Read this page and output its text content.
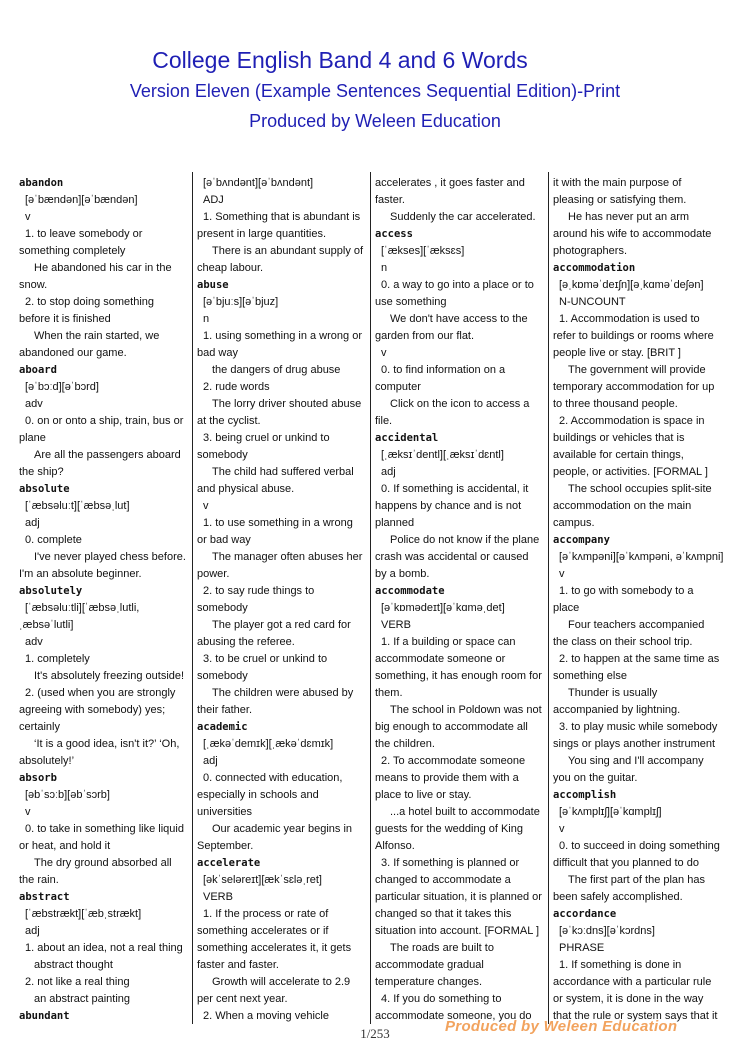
College English Band 4 and 6 Words
Version Eleven (Example Sentences Sequential Edition)-Print
Produced by Weleen Education
abandon
[əˈbændən][əˈbændən]
v
1. to leave somebody or
something completely
He abandoned his car in the
snow.
2. to stop doing something
before it is finished
When the rain started, we
abandoned our game.
aboard
[əˈbɔːd][əˈbɔrd]
adv
0. on or onto a ship, train, bus or
plane
Are all the passengers aboard
the ship?
absolute
[ˈæbsəluːt][ˈæbsəˌlut]
adj
0. complete
I've never played chess before.
I'm an absolute beginner.
absolutely
[ˈæbsəluːtli][ˈæbsəˌlutli,
ˌæbsəˈlutli]
adv
1. completely
It's absolutely freezing outside!
2. (used when you are strongly
agreeing with somebody) yes;
certainly
‘It is a good idea, isn't it?’ ‘Oh,
absolutely!’
absorb
[əbˈsɔːb][əbˈsɔrb]
v
0. to take in something like liquid
or heat, and hold it
The dry ground absorbed all
the rain.
abstract
[ˈæbstrækt][ˈæbˌstrækt]
adj
1. about an idea, not a real thing
abstract thought
2. not like a real thing
an abstract painting
abundant
[əˈbʌndənt][əˈbʌndənt]
ADJ
1. Something that is abundant is
present in large quantities.
There is an abundant supply of
cheap labour.
abuse
[əˈbjuːs][əˈbjuz]
n
1. using something in a wrong or
bad way
the dangers of drug abuse
2. rude words
The lorry driver shouted abuse
at the cyclist.
3. being cruel or unkind to
somebody
The child had suffered verbal
and physical abuse.
v
1. to use something in a wrong
or bad way
The manager often abuses her
power.
2. to say rude things to
somebody
The player got a red card for
abusing the referee.
3. to be cruel or unkind to
somebody
The children were abused by
their father.
academic
[ˌækəˈdemɪk][ˌækəˈdɛmɪk]
adj
0. connected with education,
especially in schools and
universities
Our academic year begins in
September.
accelerate
[əkˈseləreɪt][ækˈsɛləˌret]
VERB
1. If the process or rate of
something accelerates or if
something accelerates it, it gets
faster and faster.
Growth will accelerate to 2.9
per cent next year.
2. When a moving vehicle
accelerates , it goes faster and
faster.
Suddenly the car accelerated.
access
[ˈækses][ˈæksɛs]
n
0. a way to go into a place or to
use something
We don't have access to the
garden from our flat.
v
0. to find information on a
computer
Click on the icon to access a
file.
accidental
[ˌæksɪˈdentl][ˌæksɪˈdɛntl]
adj
0. If something is accidental, it
happens by chance and is not
planned
Police do not know if the plane
crash was accidental or caused
by a bomb.
accommodate
[əˈkɒmədeɪt][əˈkɑməˌdet]
VERB
1. If a building or space can
accommodate someone or
something, it has enough room for
them.
The school in Poldown was not
big enough to accommodate all
the children.
2. To accommodate someone
means to provide them with a
place to live or stay.
...a hotel built to accommodate
guests for the wedding of King
Alfonso.
3. If something is planned or
changed to accommodate a
particular situation, it is planned or
changed so that it takes this
situation into account. [FORMAL ]
The roads are built to
accommodate gradual
temperature changes.
4. If you do something to
accommodate someone, you do
it with the main purpose of
pleasing or satisfying them.
He has never put an arm
around his wife to accommodate
photographers.
accommodation
[əˌkɒməˈdeɪʃn][əˌkɑməˈdeʃən]
N-UNCOUNT
1. Accommodation is used to
refer to buildings or rooms where
people live or stay. [BRIT ]
The government will provide
temporary accommodation for up
to three thousand people.
2. Accommodation is space in
buildings or vehicles that is
available for certain things,
people, or activities. [FORMAL ]
The school occupies split-site
accommodation on the main
campus.
accompany
[əˈkʌmpəni][əˈkʌmpəni, əˈkʌmpni]
v
1. to go with somebody to a
place
Four teachers accompanied
the class on their school trip.
2. to happen at the same time as
something else
Thunder is usually
accompanied by lightning.
3. to play music while somebody
sings or plays another instrument
You sing and I'll accompany
you on the guitar.
accomplish
[əˈkʌmplɪʃ][əˈkɑmplɪʃ]
v
0. to succeed in doing something
difficult that you planned to do
The first part of the plan has
been safely accomplished.
accordance
[əˈkɔːdns][əˈkɔrdns]
PHRASE
1. If something is done in
accordance with a particular rule
or system, it is done in the way
that the rule or system says that it
1/253	Produced by Weleen Education
